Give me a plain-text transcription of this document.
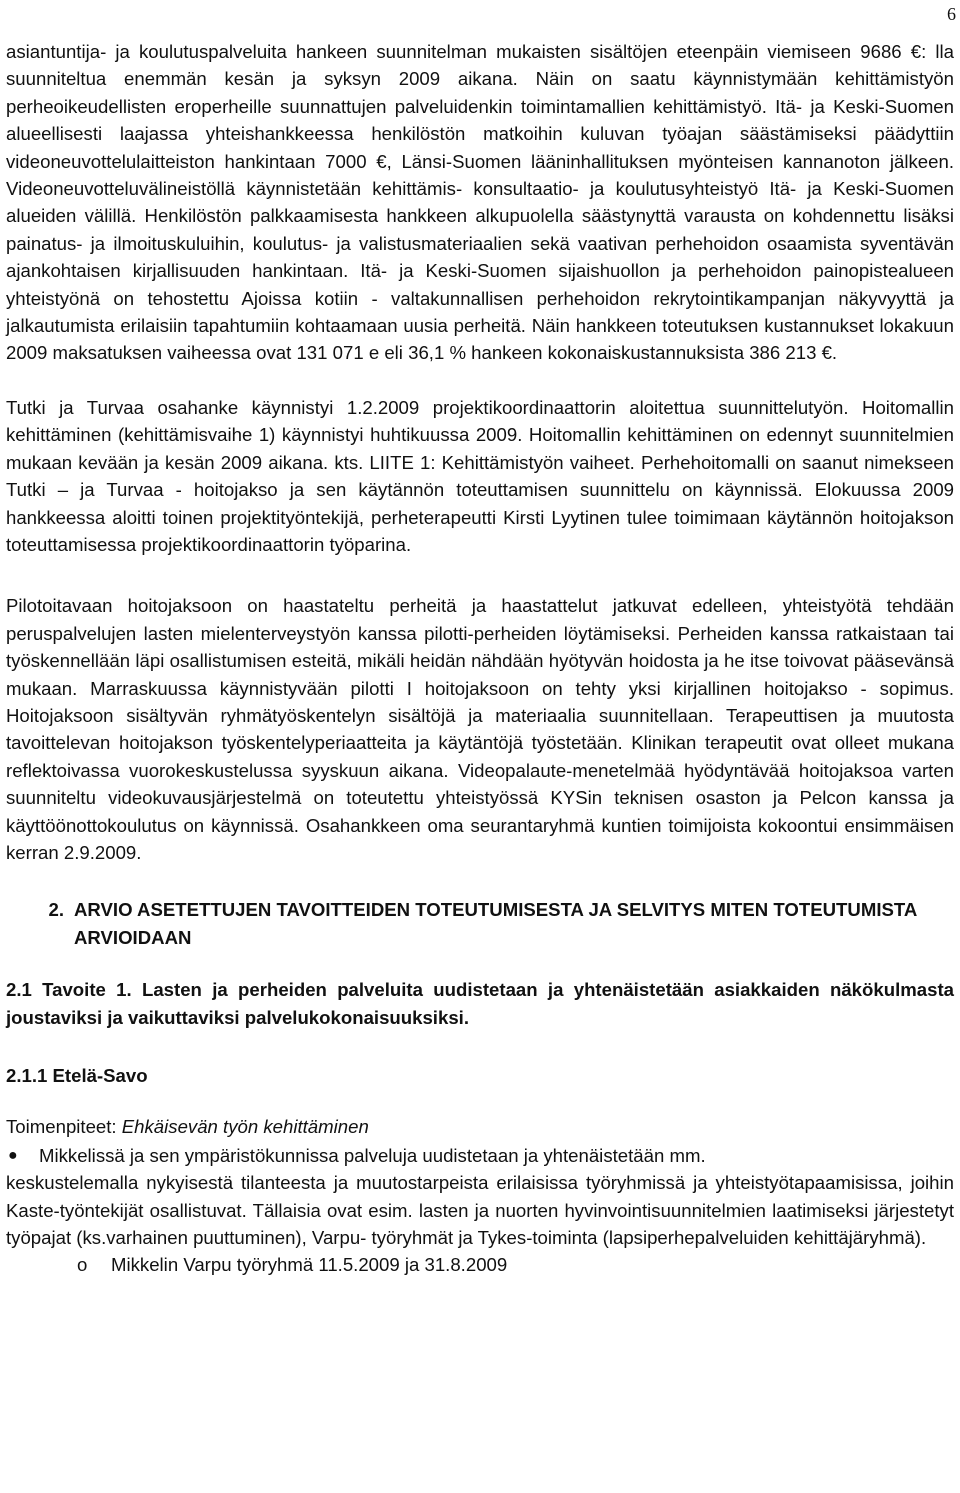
6

asiantuntija- ja koulutuspalveluita hankeen suunnitelman mukaisten sisältöjen eteenpäin viemiseen 9686 €: lla suunniteltua enemmän kesän ja syksyn 2009 aikana. Näin on saatu käynnistymään kehittämistyön perheoikeudellisten eroperheille suunnattujen palveluidenkin toimintamallien kehittämistyö. Itä- ja Keski-Suomen alueellisesti laajassa yhteishankkeessa henkilöstön matkoihin kuluvan työajan säästämiseksi päädyttiin videoneuvottelulaitteiston hankintaan 7000 €, Länsi-Suomen lääninhallituksen myönteisen kannanoton jälkeen. Videoneuvotteluvälineistöllä käynnistetään kehittämis- konsultaatio- ja koulutusyhteistyö Itä- ja Keski-Suomen alueiden välillä. Henkilöstön palkkaamisesta hankkeen alkupuolella säästynyttä varausta on kohdennettu lisäksi painatus- ja ilmoituskuluihin, koulutus- ja valistusmateriaalien sekä vaativan perhehoidon osaamista syventävän ajankohtaisen kirjallisuuden hankintaan. Itä- ja Keski-Suomen sijaishuollon ja perhehoidon painopistealueen yhteistyönä on tehostettu Ajoissa kotiin - valtakunnallisen perhehoidon rekrytointikampanjan näkyvyyttä ja jalkautumista erilaisiin tapahtumiin kohtaamaan uusia perheitä. Näin hankkeen toteutuksen kustannukset lokakuun 2009 maksatuksen vaiheessa ovat 131 071 e eli 36,1 % hankeen kokonaiskustannuksista 386 213 €.

Tutki ja Turvaa osahanke käynnistyi 1.2.2009 projektikoordinaattorin aloitettua suunnittelutyön. Hoitomallin kehittäminen (kehittämisvaihe 1) käynnistyi huhtikuussa 2009. Hoitomallin kehittäminen on edennyt suunnitelmien mukaan kevään ja kesän 2009 aikana. kts. LIITE 1: Kehittämistyön vaiheet. Perhehoitomalli on saanut nimekseen Tutki – ja Turvaa - hoitojakso ja sen käytännön toteuttamisen suunnittelu on käynnissä. Elokuussa 2009 hankkeessa aloitti toinen projektityöntekijä, perheterapeutti Kirsti Lyytinen tulee toimimaan käytännön hoitojakson toteuttamisessa projektikoordinaattorin työparina.

Pilotoitavaan hoitojaksoon on haastateltu perheitä ja haastattelut jatkuvat edelleen, yhteistyötä tehdään peruspalvelujen lasten mielenterveystyön kanssa pilotti-perheiden löytämiseksi. Perheiden kanssa ratkaistaan tai työskennellään läpi osallistumisen esteitä, mikäli heidän nähdään hyötyvän hoidosta ja he itse toivovat pääsevänsä mukaan. Marraskuussa käynnistyvään pilotti I hoitojaksoon on tehty yksi kirjallinen hoitojakso - sopimus. Hoitojaksoon sisältyvän ryhmätyöskentelyn sisältöjä ja materiaalia suunnitellaan. Terapeuttisen ja muutosta tavoittelevan hoitojakson työskentelyperiaatteita ja käytäntöjä työstetään. Klinikan terapeutit ovat olleet mukana reflektoivassa vuorokeskustelussa syyskuun aikana. Videopalaute-menetelmää hyödyntävää hoitojaksoa varten suunniteltu videokuvausjärjestelmä on toteutettu yhteistyössä KYSin teknisen osaston ja Pelcon kanssa ja käyttöönottokoulutus on käynnissä. Osahankkeen oma seurantaryhmä kuntien toimijoista kokoontui ensimmäisen kerran 2.9.2009.

2. ARVIO ASETETTUJEN TAVOITTEIDEN TOTEUTUMISESTA JA SELVITYS MITEN TOTEUTUMISTA ARVIOIDAAN

2.1 Tavoite 1. Lasten ja perheiden palveluita uudistetaan ja yhtenäistetään asiakkaiden näkökulmasta joustaviksi ja vaikuttaviksi palvelukokonaisuuksiksi.

2.1.1 Etelä-Savo

Toimenpiteet: Ehkäisevän työn kehittäminen

●	Mikkelissä ja sen ympäristökunnissa palveluja uudistetaan ja yhtenäistetään mm.

keskustelemalla nykyisestä tilanteesta ja muutostarpeista erilaisissa työryhmissä ja yhteistyötapaamisissa, joihin Kaste-työntekijät osallistuvat. Tällaisia ovat esim. lasten ja nuorten hyvinvointisuunnitelmien laatimiseksi järjestetyt työpajat (ks.varhainen puuttuminen), Varpu- työryhmät ja Tykes-toiminta (lapsiperhepalveluiden kehittäjäryhmä).

o	Mikkelin Varpu työryhmä 11.5.2009 ja 31.8.2009
